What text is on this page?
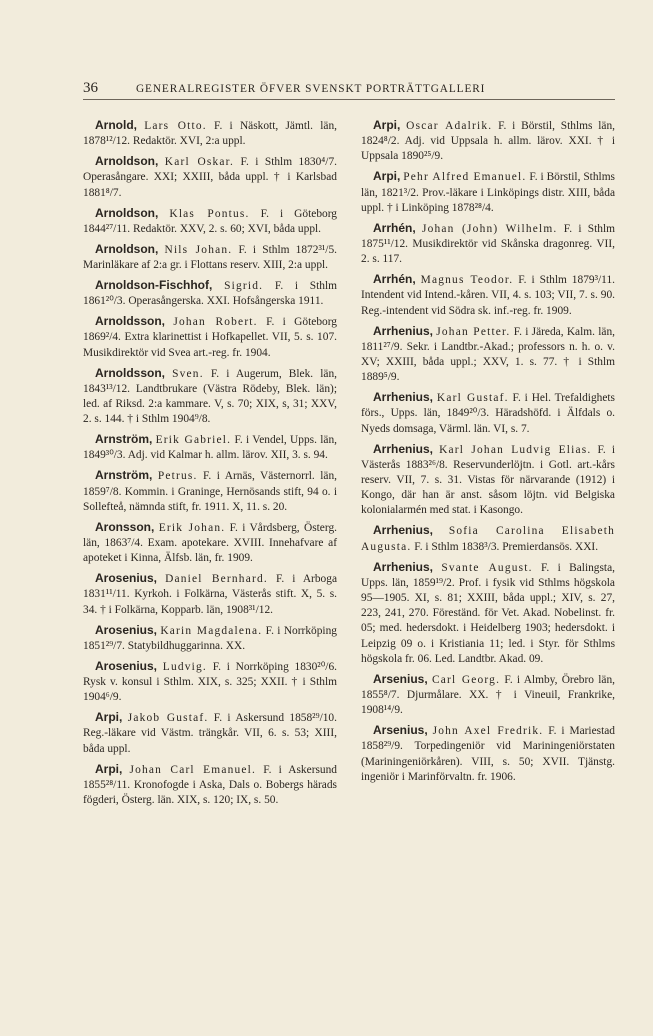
36	GENERALREGISTER ÖFVER SVENSKT PORTRÄTTGALLERI

Arnold, Lars Otto. F. i Näskott, Jämtl. län, 1878¹²/12. Redaktör. XVI, 2:a uppl.

Arnoldson, Karl Oskar. F. i Sthlm 1830⁴/7. Operasångare. XXI; XXIII, båda uppl. † i Karlsbad 1881⁸/7.

Arnoldson, Klas Pontus. F. i Göteborg 1844²⁷/11. Redaktör. XXV, 2. s. 60; XVI, båda uppl.

Arnoldson, Nils Johan. F. i Sthlm 1872³¹/5. Marinläkare af 2:a gr. i Flottans reserv. XIII, 2:a uppl.

Arnoldson-Fischhof, Sigrid. F. i Sthlm 1861²⁰/3. Operasångerska. XXI. Hofsångerska 1911.

Arnoldsson, Johan Robert. F. i Göteborg 1869²/4. Extra klarinettist i Hofkapellet. VII, 5. s. 107. Musikdirektör vid Svea art.-reg. fr. 1904.

Arnoldsson, Sven. F. i Augerum, Blek. län, 1843¹³/12. Landtbrukare (Västra Rödeby, Blek. län); led. af Riksd. 2:a kammare. V, s. 70; XIX, s, 31; XXV, 2. s. 144. † i Sthlm 1904⁹/8.

Arnström, Erik Gabriel. F. i Vendel, Upps. län, 1849³⁰/3. Adj. vid Kalmar h. allm. lärov. XII, 3. s. 94.

Arnström, Petrus. F. i Arnäs, Västernorrl. län, 1859⁷/8. Kommin. i Graninge, Hernösands stift, 94 o. i Solleftеå, nämnda stift, fr. 1911. X, 11. s. 20.

Aronsson, Erik Johan. F. i Vårdsberg, Österg. län, 1863⁷/4. Exam. apotekare. XVIII. Innehafvare af apoteket i Kinna, Älfsb. län, fr. 1909.

Arosenius, Daniel Bernhard. F. i Arboga 1831¹¹/11. Kyrkoh. i Folkärna, Västerås stift. X, 5. s. 34. † i Folkärna, Kopparb. län, 1908³¹/12.

Arosenius, Karin Magdalena. F. i Norrköping 1851²⁹/7. Statybildhuggarinna. XX.

Arosenius, Ludvig. F. i Norrköping 1830²⁰/6. Rysk v. konsul i Sthlm. XIX, s. 325; XXII. † i Sthlm 1904⁶/9.

Arpi, Jakob Gustaf. F. i Askersund 1858²⁹/10. Reg.-läkare vid Västm. trängkår. VII, 6. s. 53; XIII, båda uppl.

Arpi, Johan Carl Emanuel. F. i Askersund 1855²⁸/11. Kronofogde i Aska, Dals o. Bobergs härads fögderi, Österg. län. XIX, s. 120; IX, s. 50.

Arpi, Oscar Adalrik. F. i Börstil, Sthlms län, 1824⁸/2. Adj. vid Uppsala h. allm. lärov. XXI. † i Uppsala 1890²⁵/9.

Arpi, Pehr Alfred Emanuel. F. i Börstil, Sthlms län, 1821³/2. Prov.-läkare i Linköpings distr. XIII, båda uppl. † i Linköping 1878²⁸/4.

Arrhén, Johan (John) Wilhelm. F. i Sthlm 1875¹¹/12. Musikdirektör vid Skånska dragonreg. VII, 2. s. 117.

Arrhén, Magnus Teodor. F. i Sthlm 1879³/11. Intendent vid Intend.-kåren. VII, 4. s. 103; VII, 7. s. 90. Reg.-intendent vid Södra sk. inf.-reg. fr. 1909.

Arrhenius, Johan Petter. F. i Järeda, Kalm. län, 1811²⁷/9. Sekr. i Landtbr.-Akad.; professors n. h. o. v. XV; XXIII, båda uppl.; XXV, 1. s. 77. † i Sthlm 1889⁵/9.

Arrhenius, Karl Gustaf. F. i Hel. Trefaldighets förs., Upps. län, 1849²⁰/3. Häradshöfd. i Älfdals o. Nyeds domsaga, Värml. län. VI, s. 7.

Arrhenius, Karl Johan Ludvig Elias. F. i Västerås 1883²⁶/8. Reservunderlöjtn. i Gotl. art.-kårs reserv. VII, 7. s. 31. Vistas för närvarande (1912) i Kongo, där han är anst. såsom löjtn. vid Belgiska kolonialarmén med stat. i Kasongo.

Arrhenius, Sofia Carolina Elisabeth Augusta. F. i Sthlm 1838³/3. Premierdansös. XXI.

Arrhenius, Svante August. F. i Balingsta, Upps. län, 1859¹⁹/2. Prof. i fysik vid Sthlms högskola 95—1905. XI, s. 81; XXIII, båda uppl.; XIV, s. 27, 223, 241, 270. Föreständ. för Vet. Akad. Nobelinst. fr. 05; med. hedersdokt. i Heidelberg 1903; hedersdokt. i Leipzig 09 o. i Kristiania 11; led. i Styr. för Sthlms högskola fr. 06. Led. Landtbr. Akad. 09.

Arsenius, Carl Georg. F. i Almby, Örebro län, 1855⁸/7. Djurmålare. XX. † i Vineuil, Frankrike, 1908¹⁴/9.

Arsenius, John Axel Fredrik. F. i Mariestad 1858²⁹/9. Torpedingeniör vid Mariningeniörstaten (Mariningeniörkåren). VIII, s. 50; XVII. Tjänstg. ingeniör i Marinförvaltn. fr. 1906.
